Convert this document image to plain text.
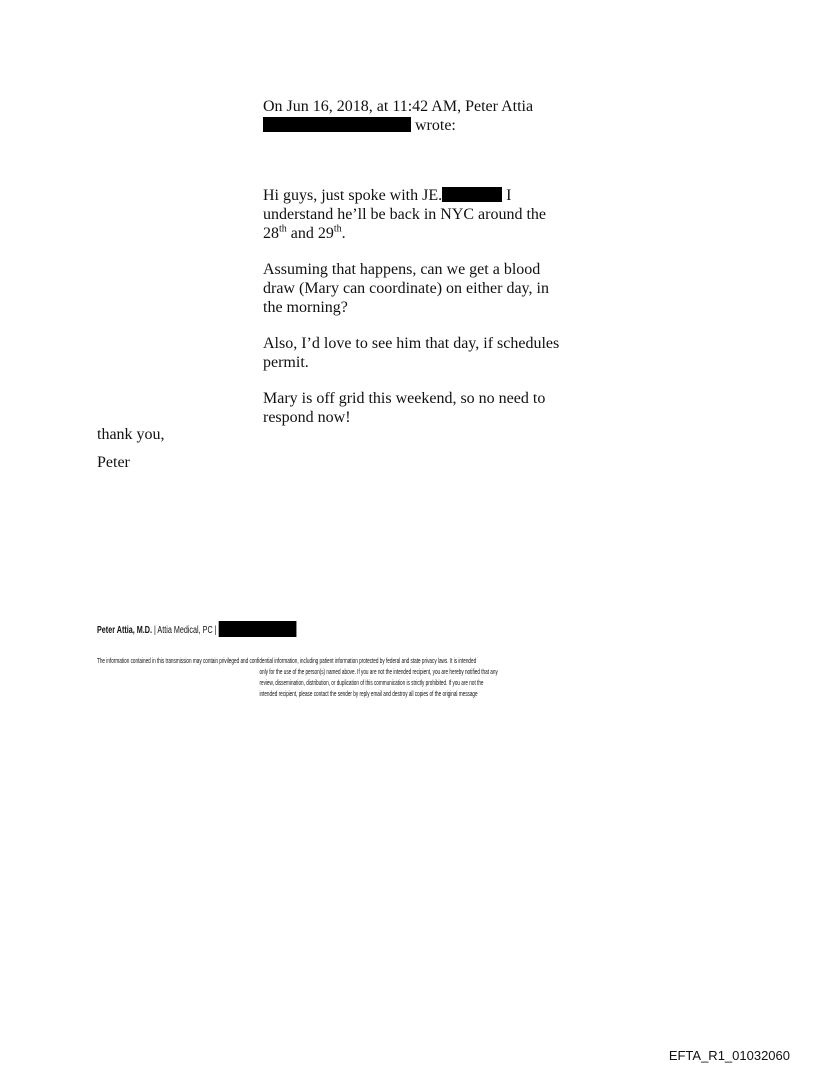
On Jun 16, 2018, at 11:42 AM, Peter Attia
wrote:

Hi guys, just spoke with JE.	I understand he’ll be back in NYC around the 28th and 29th.

Assuming that happens, can we get a blood draw (Mary can coordinate) on either day, in the morning?

Also, I’d love to see him that day, if schedules permit.

Mary is off grid this weekend, so no need to respond now!

thank you,
Peter
Peter Attia, M.D. | Attia Medical, PC |
The information contained in this transmission may contain privileged and confidential information, including patient information protected by federal and state privacy laws. It is intended
only for the use of the person(s) named above. If you are not the intended recipient, you are hereby notified that any
review, dissemination, distribution, or duplication of this communication is strictly prohibited. If you are not the
intended recipient, please contact the sender by reply email and destroy all copies of the original message
EFTA_R1_01032060
